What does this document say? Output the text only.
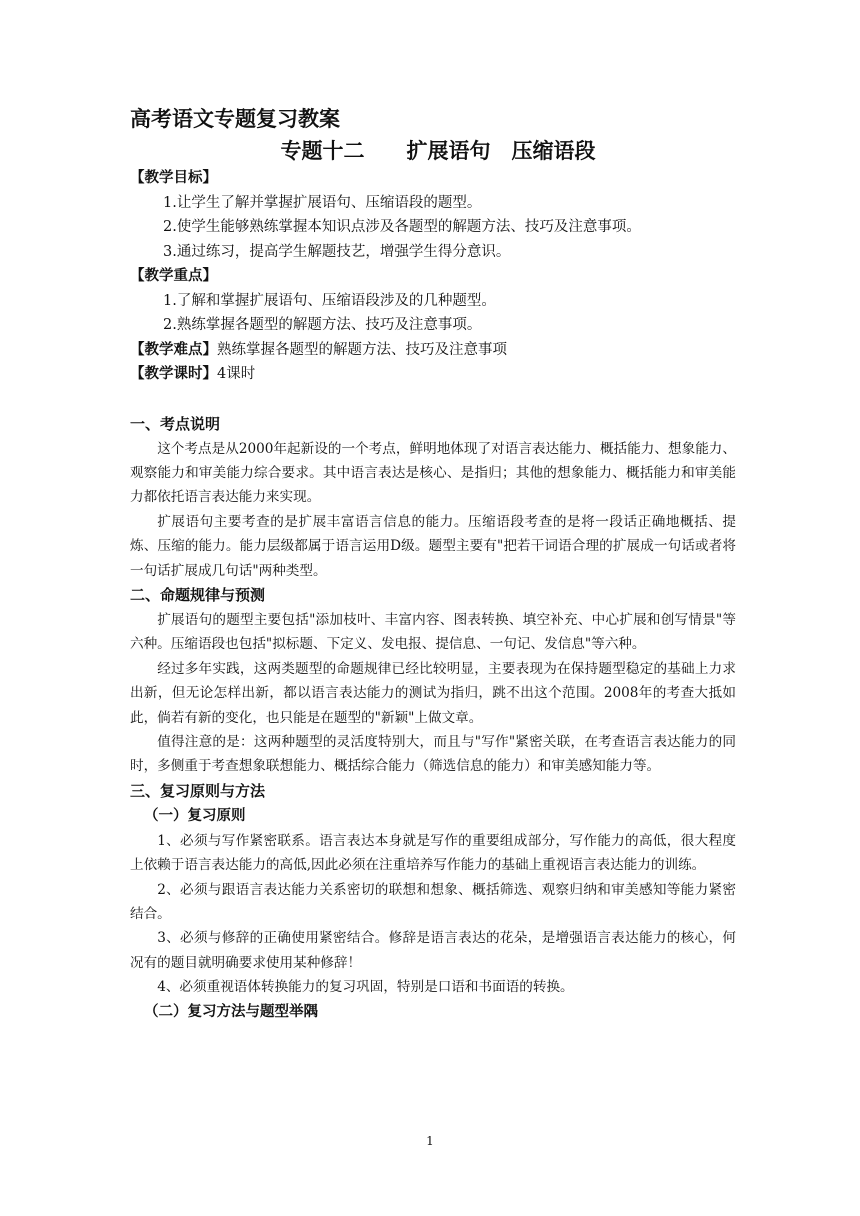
高考语文专题复习教案
专题十二　　扩展语句　压缩语段

【教学目标】

1.让学生了解并掌握扩展语句、压缩语段的题型。

2.使学生能够熟练掌握本知识点涉及各题型的解题方法、技巧及注意事项。

3.通过练习，提高学生解题技艺，增强学生得分意识。

【教学重点】

1.了解和掌握扩展语句、压缩语段涉及的几种题型。

2.熟练掌握各题型的解题方法、技巧及注意事项。

【教学难点】熟练掌握各题型的解题方法、技巧及注意事项

【教学课时】4课时

一、考点说明

这个考点是从2000年起新设的一个考点，鲜明地体现了对语言表达能力、概括能力、想象能力、观察能力和审美能力综合要求。其中语言表达是核心、是指归；其他的想象能力、概括能力和审美能力都依托语言表达能力来实现。

扩展语句主要考查的是扩展丰富语言信息的能力。压缩语段考查的是将一段话正确地概括、提炼、压缩的能力。能力层级都属于语言运用D级。题型主要有"把若干词语合理的扩展成一句话或者将一句话扩展成几句话"两种类型。

二、命题规律与预测

扩展语句的题型主要包括"添加枝叶、丰富内容、图表转换、填空补充、中心扩展和创写情景"等六种。压缩语段也包括"拟标题、下定义、发电报、提信息、一句记、发信息"等六种。

经过多年实践，这两类题型的命题规律已经比较明显，主要表现为在保持题型稳定的基础上力求出新，但无论怎样出新，都以语言表达能力的测试为指归，跳不出这个范围。2008年的考查大抵如此，倘若有新的变化，也只能是在题型的"新颖"上做文章。

值得注意的是：这两种题型的灵活度特别大，而且与"写作"紧密关联，在考查语言表达能力的同时，多侧重于考查想象联想能力、概括综合能力（筛选信息的能力）和审美感知能力等。

三、复习原则与方法
（一）复习原则

1、必须与写作紧密联系。语言表达本身就是写作的重要组成部分，写作能力的高低，很大程度上依赖于语言表达能力的高低,因此必须在注重培养写作能力的基础上重视语言表达能力的训练。

2、必须与跟语言表达能力关系密切的联想和想象、概括筛选、观察归纳和审美感知等能力紧密结合。

3、必须与修辞的正确使用紧密结合。修辞是语言表达的花朵，是增强语言表达能力的核心，何况有的题目就明确要求使用某种修辞！

4、必须重视语体转换能力的复习巩固，特别是口语和书面语的转换。

（二）复习方法与题型举隅
1
